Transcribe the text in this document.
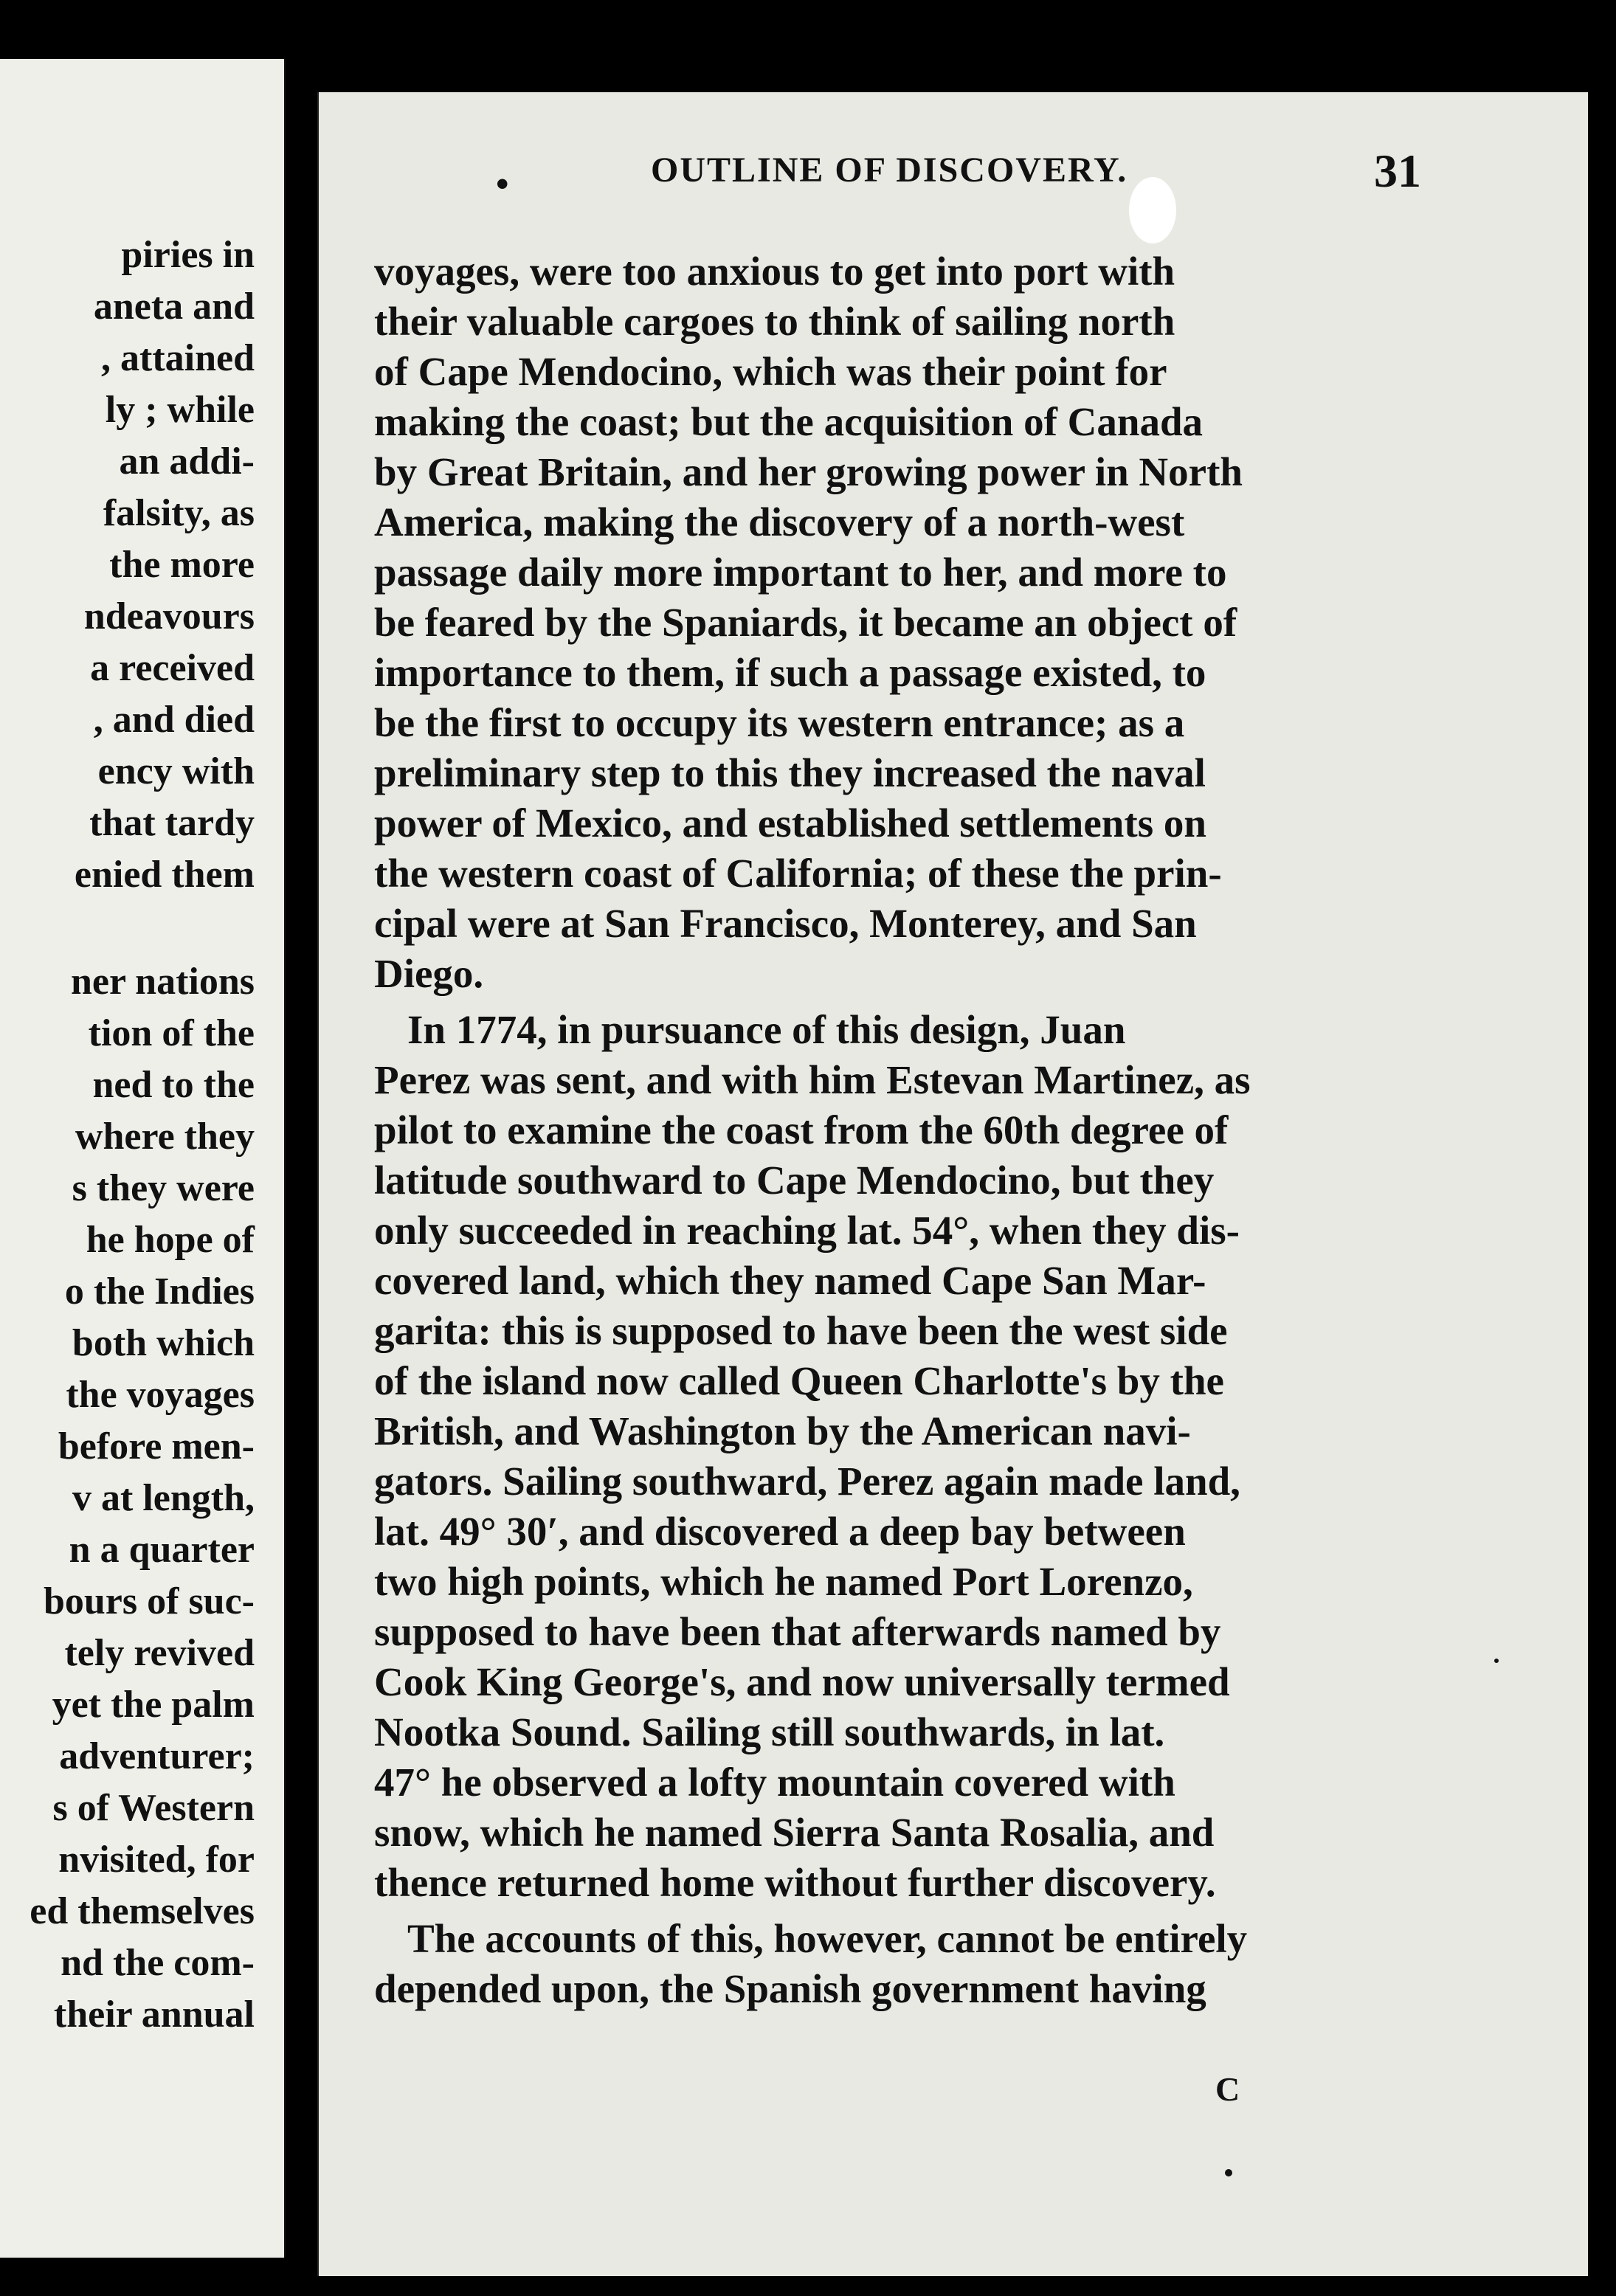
piries in
aneta and
, attained
ly ; while
an addi-
falsity, as
the more
ndeavours
a received
, and died
ency with
that tardy
enied them
ner nations
tion of the
ned to the
where they
s they were
he hope of
o the Indies
both which
the voyages
before men-
v at length,
n a quarter
bours of suc-
tely revived
yet the palm
adventurer;
s of Western
nvisited, for
ed themselves
nd the com-
their annual
•	OUTLINE OF DISCOVERY.	31
voyages, were too anxious to get into port with
their valuable cargoes to think of sailing north
of Cape Mendocino, which was their point for
making the coast; but the acquisition of Canada
by Great Britain, and her growing power in North
America, making the discovery of a north-west
passage daily more important to her, and more to
be feared by the Spaniards, it became an object of
importance to them, if such a passage existed, to
be the first to occupy its western entrance; as a
preliminary step to this they increased the naval
power of Mexico, and established settlements on
the western coast of California; of these the prin-
cipal were at San Francisco, Monterey, and San
Diego.
In 1774, in pursuance of this design, Juan
Perez was sent, and with him Estevan Martinez, as
pilot to examine the coast from the 60th degree of
latitude southward to Cape Mendocino, but they
only succeeded in reaching lat. 54°, when they dis-
covered land, which they named Cape San Mar-
garita: this is supposed to have been the west side
of the island now called Queen Charlotte's by the
British, and Washington by the American navi-
gators. Sailing southward, Perez again made land,
lat. 49° 30′, and discovered a deep bay between
two high points, which he named Port Lorenzo,
supposed to have been that afterwards named by
Cook King George's, and now universally termed
Nootka Sound. Sailing still southwards, in lat.
47° he observed a lofty mountain covered with
snow, which he named Sierra Santa Rosalia, and
thence returned home without further discovery.
The accounts of this, however, cannot be entirely
depended upon, the Spanish government having
C
